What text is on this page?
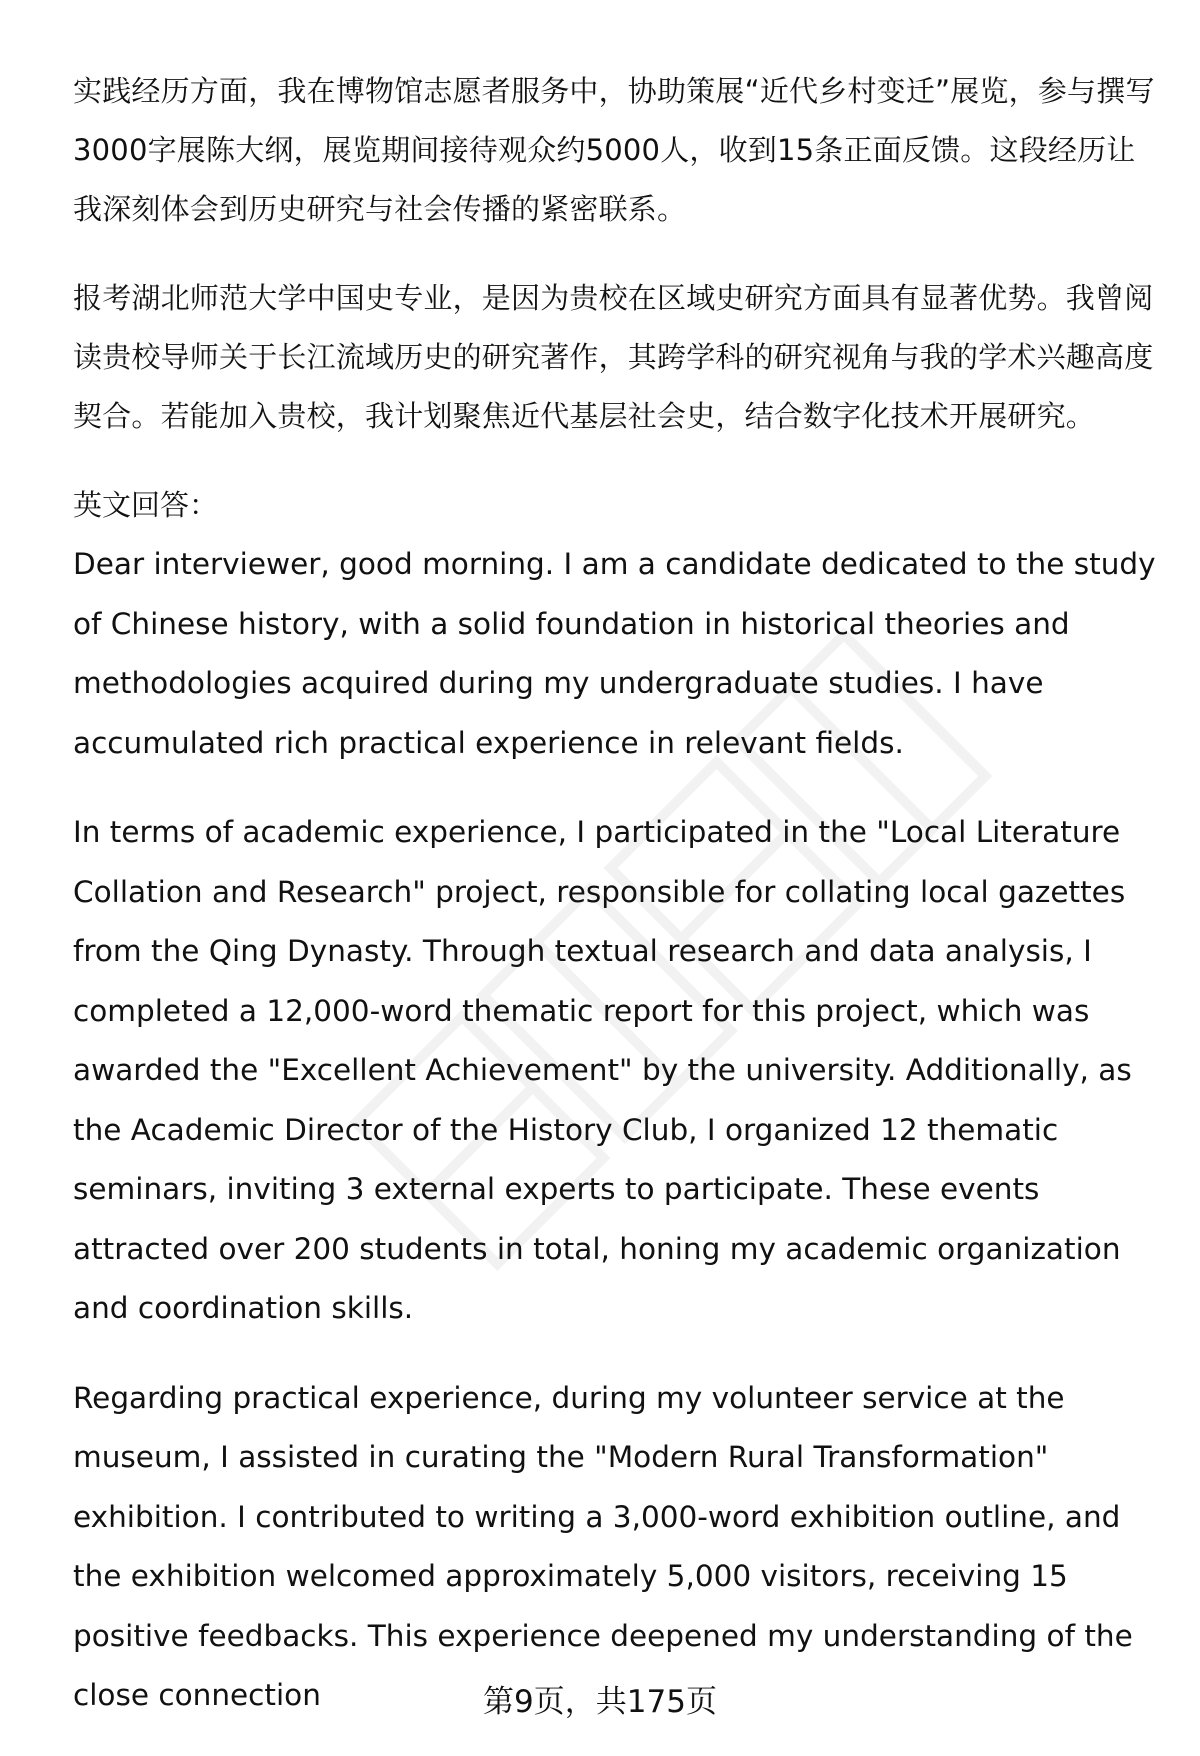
实践经历方面，我在博物馆志愿者服务中，协助策展“近代乡村变迁”展览，参与撰写3000字展陈大纲，展览期间接待观众约5000人，收到15条正面反馈。这段经历让我深刻体会到历史研究与社会传播的紧密联系。

报考湖北师范大学中国史专业，是因为贵校在区域史研究方面具有显著优势。我曾阅读贵校导师关于长江流域历史的研究著作，其跨学科的研究视角与我的学术兴趣高度契合。若能加入贵校，我计划聚焦近代基层社会史，结合数字化技术开展研究。

英文回答：

Dear interviewer, good morning. I am a candidate dedicated to the study of Chinese history, with a solid foundation in historical theories and methodologies acquired during my undergraduate studies. I have accumulated rich practical experience in relevant fields.

In terms of academic experience, I participated in the "Local Literature Collation and Research" project, responsible for collating local gazettes from the Qing Dynasty. Through textual research and data analysis, I completed a 12,000-word thematic report for this project, which was awarded the "Excellent Achievement" by the university. Additionally, as the Academic Director of the History Club, I organized 12 thematic seminars, inviting 3 external experts to participate. These events attracted over 200 students in total, honing my academic organization and coordination skills.

Regarding practical experience, during my volunteer service at the museum, I assisted in curating the "Modern Rural Transformation" exhibition. I contributed to writing a 3,000-word exhibition outline, and the exhibition welcomed approximately 5,000 visitors, receiving 15 positive feedbacks. This experience deepened my understanding of the close connection	第9页，共175页
